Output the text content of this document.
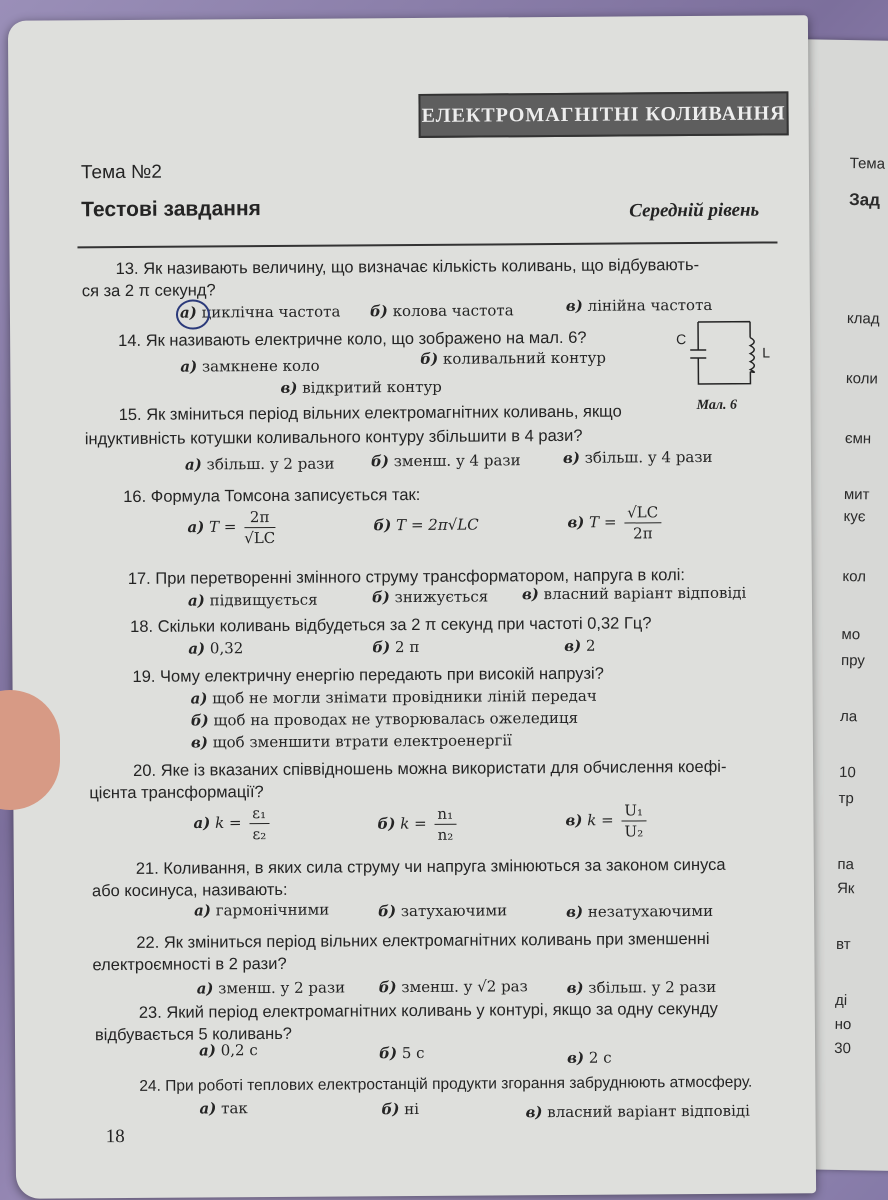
Тема
Зад
клад
коли
ємн
мит
кує
кол
мо
пру
ла
10
тр
па
Як
вт
ді
но
30
ЕЛЕКТРОМАГНІТНІ КОЛИВАННЯ
Тема №2
Тестові завдання	Середній рівень
13. Як називають величину, що визначає кількість коливань, що відбувають-
ся за 2 π секунд?
а) циклічна частота б) колова частота	в) лінійна частота
14. Як називають електричне коло, що зображено на мал. 6?
а) замкнене коло	б) коливальний контур
в) відкритий контур
C
L
Мал. 6
15. Як зміниться період вільних електромагнітних коливань, якщо
індуктивність котушки коливального контуру збільшити в 4 рази?
а) збільш. у 2 рази б) зменш. у 4 рази	в) збільш. у 4 рази
16. Формула Томсона записується так:
а) $T = \frac{2\pi}{√LC}$	б) T = 2π√LC	в) $T = \frac{√LC}{2\pi}$
17. При перетворенні змінного струму трансформатором, напруга в колі:
а) підвищується	б) знижується в) власний варіант відповіді
18. Скільки коливань відбудеться за 2 π секунд при частоті 0,32 Гц?
а) 0,32	б) 2 π	в) 2
19. Чому електричну енергію передають при високій напрузі?
а) щоб не могли знімати провідники ліній передач
б) щоб на проводах не утворювалась ожеледиця
в) щоб зменшити втрати електроенергії
20. Яке із вказаних співвідношень можна використати для обчислення коефі-
цієнта трансформації?
а) $k = \frac{\text{ε₁}}{\text{ε₂}}$	б) $k = \frac{\text{n₁}}{\text{n₂}}$	в) $k = \frac{\text{U₁}}{\text{U₂}}$
21. Коливання, в яких сила струму чи напруга змінюються за законом синуса
або косинуса, називають:
а) гармонічними	б) затухаючими	в) незатухаючими
22. Як зміниться період вільних електромагнітних коливань при зменшенні
електроємності в 2 рази?
а) зменш. у 2 рази б) зменш. у √2 раз	в) збільш. у 2 рази
23. Який період електромагнітних коливань у контурі, якщо за одну секунду
відбувається 5 коливань?
а) 0,2 с	б) 5 с	в) 2 с
24. При роботі теплових електростанцій продукти згорання забруднюють атмосферу.
а) так	б) ні	в) власний варіант відповіді
18
